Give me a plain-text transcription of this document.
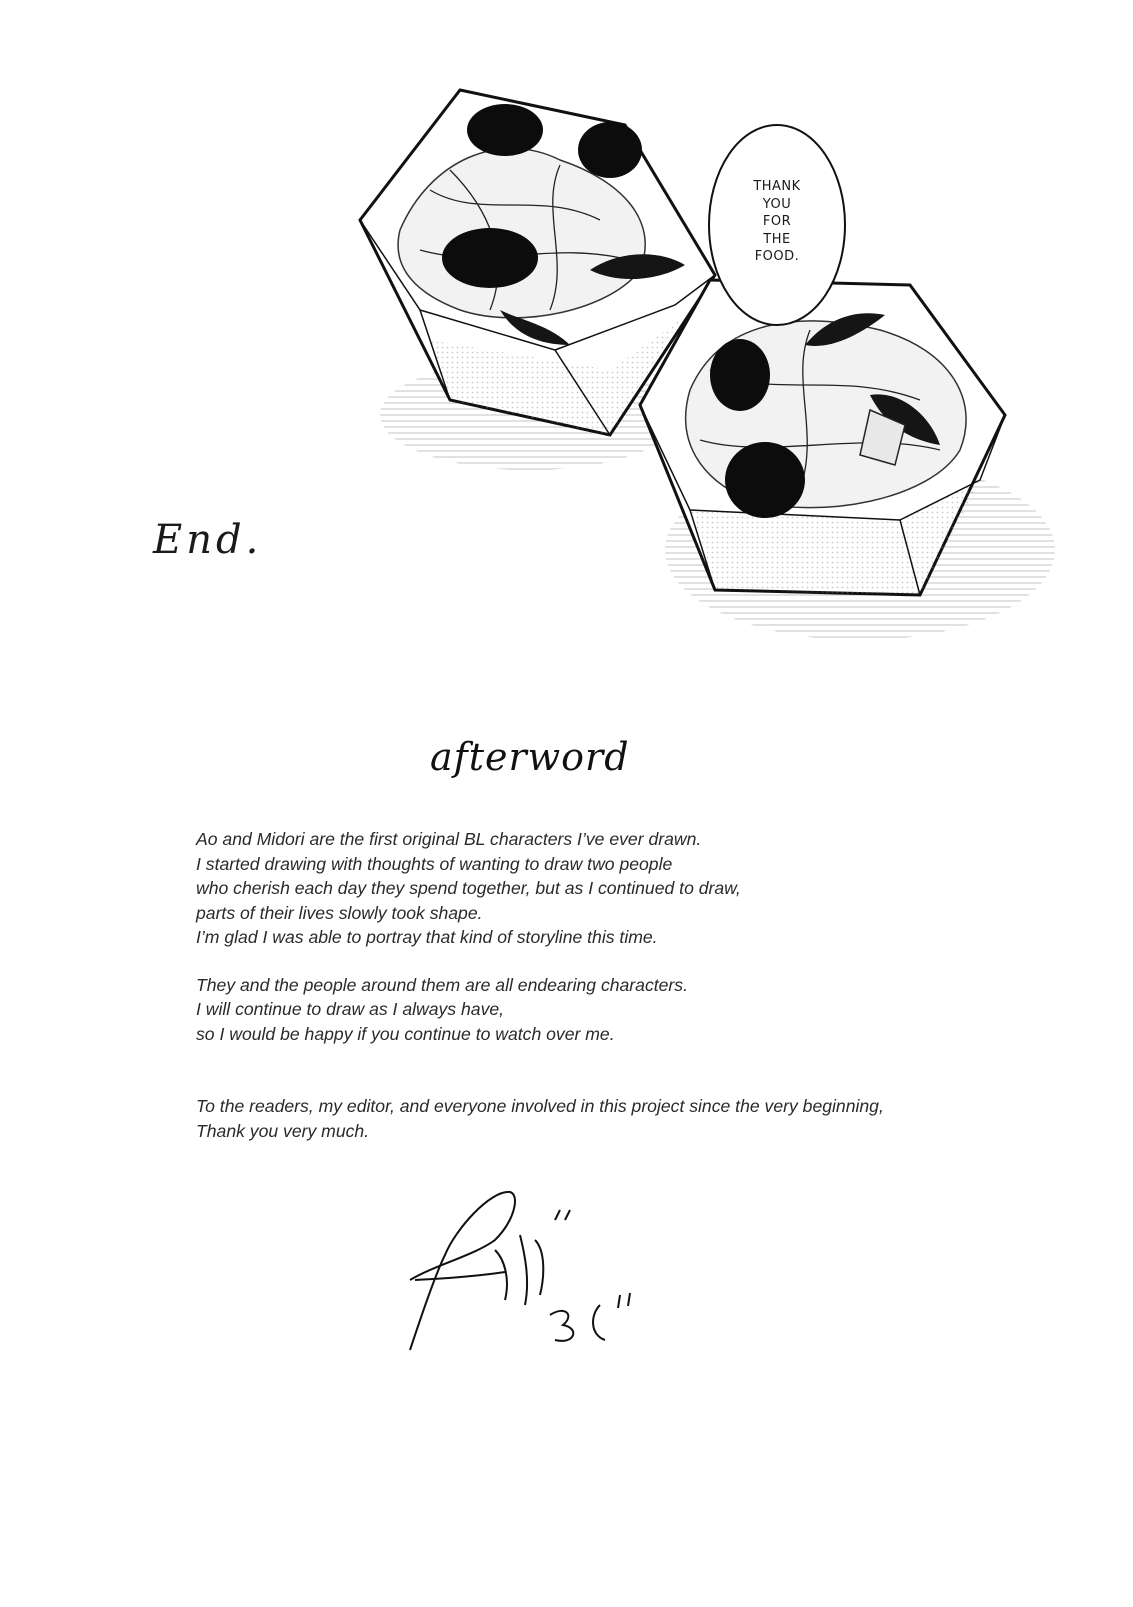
THANK
YOU
FOR
THE
FOOD.
End.
afterword

Ao and Midori are the first original BL characters I’ve ever drawn.

I started drawing with thoughts of wanting to draw two people

who cherish each day they spend together, but as I continued to draw,

parts of their lives slowly took shape.

I’m glad I was able to portray that kind of storyline this time.

They and the people around them are all endearing characters.

I will continue to draw as I always have,

so I would be happy if you continue to watch over me.

To the readers, my editor, and everyone involved in this project since the very beginning,

Thank you very much.
